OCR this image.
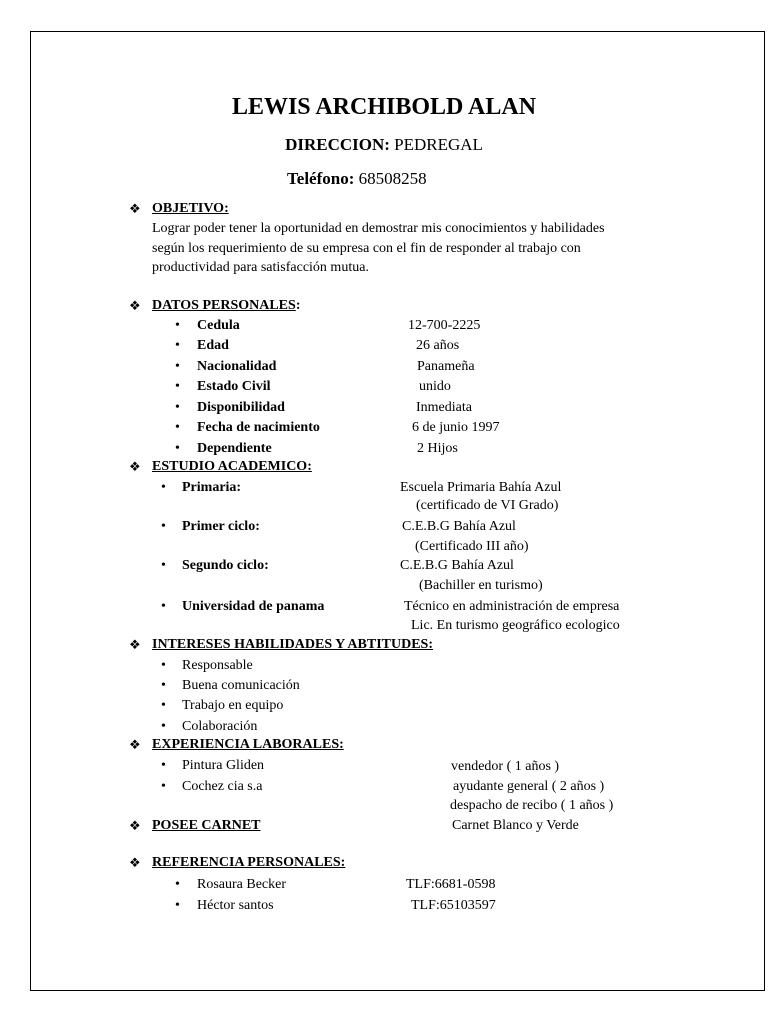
LEWIS ARCHIBOLD ALAN
DIRECCION: PEDREGAL
Teléfono: 68508258
❖ OBJETIVO:
Lograr poder tener la oportunidad en demostrar mis conocimientos y habilidades
según los requerimiento de su empresa con el fin de responder al trabajo con
productividad para satisfacción mutua.
❖ DATOS PERSONALES:
• Cedula	12-700-2225
• Edad	26 años
• Nacionalidad	Panameña
• Estado Civil	unido
• Disponibilidad	Inmediata
• Fecha de nacimiento	6 de junio 1997
• Dependiente	2 Hijos
❖ ESTUDIO ACADEMICO:
• Primaria:	Escuela Primaria Bahía Azul
(certificado de VI Grado)
• Primer ciclo:	C.E.B.G Bahía Azul
(Certificado III año)
• Segundo ciclo:	C.E.B.G Bahía Azul
(Bachiller en turismo)
• Universidad de panama	Técnico en administración de empresa
Lic. En turismo geográfico ecologico
❖ INTERESES HABILIDADES Y ABTITUDES:
• Responsable
• Buena comunicación
• Trabajo en equipo
• Colaboración
❖ EXPERIENCIA LABORALES:
• Pintura Gliden	vendedor ( 1 años )
• Cochez cia s.a	ayudante general ( 2 años )
despacho de recibo ( 1 años )
❖ POSEE CARNET	Carnet Blanco y Verde
❖ REFERENCIA PERSONALES:
• Rosaura Becker	TLF:6681-0598
• Héctor santos	TLF:65103597
